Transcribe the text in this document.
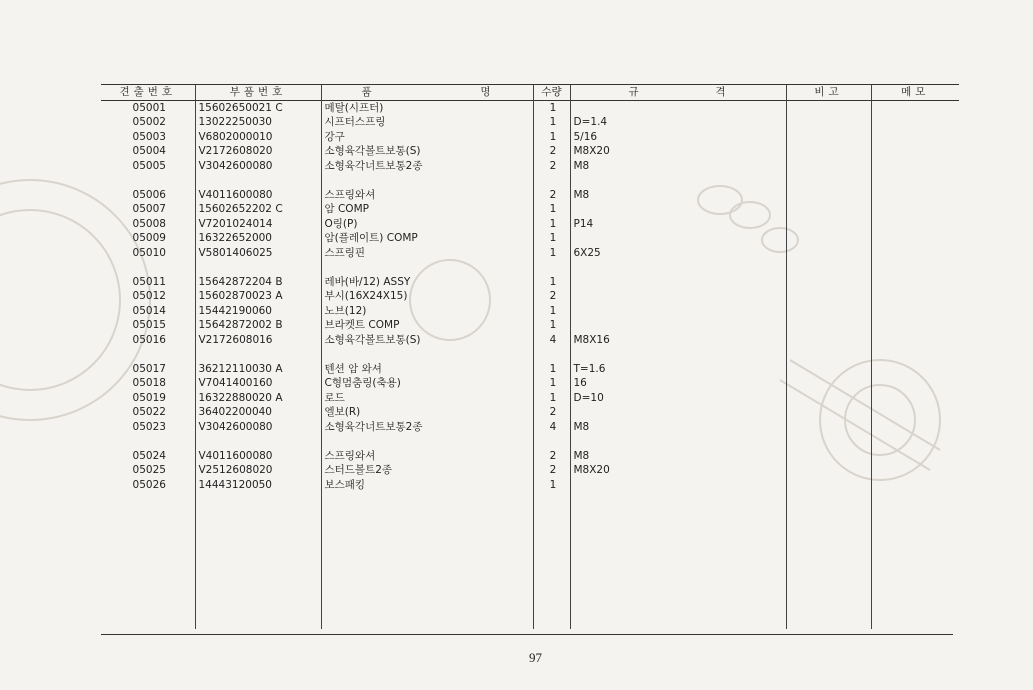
견출번호	부품번호	품                    명	수량	규              격	비고	메모
05001	15602650021 C	메탈(시프터)	1			
05002	13022250030	시프터스프링	1	D=1.4		
05003	V6802000010	강구	1	5/16		
05004	V2172608020	소형육각볼트보통(S)	2	M8X20		
05005	V3042600080	소형육각너트보통2종	2	M8		

05006	V4011600080	스프링와셔	2	M8		
05007	15602652202 C	암 COMP	1			
05008	V7201024014	O링(P)	1	P14		
05009	16322652000	암(플레이트) COMP	1			
05010	V5801406025	스프링핀	1	6X25		

05011	15642872204 B	레바(바/12) ASSY	1			
05012	15602870023 A	부시(16X24X15)	2			
05014	15442190060	노브(12)	1			
05015	15642872002 B	브라켓트 COMP	1			
05016	V2172608016	소형육각볼트보통(S)	4	M8X16		

05017	36212110030 A	텐션 암 와셔	1	T=1.6		
05018	V7041400160	C형멈춤링(축용)	1	16		
05019	16322880020 A	로드	1	D=10		
05022	36402200040	엘보(R)	2			
05023	V3042600080	소형육각너트보통2종	4	M8		

05024	V4011600080	스프링와셔	2	M8		
05025	V2512608020	스터드볼트2종	2	M8X20		
05026	14443120050	보스패킹	1			

97
